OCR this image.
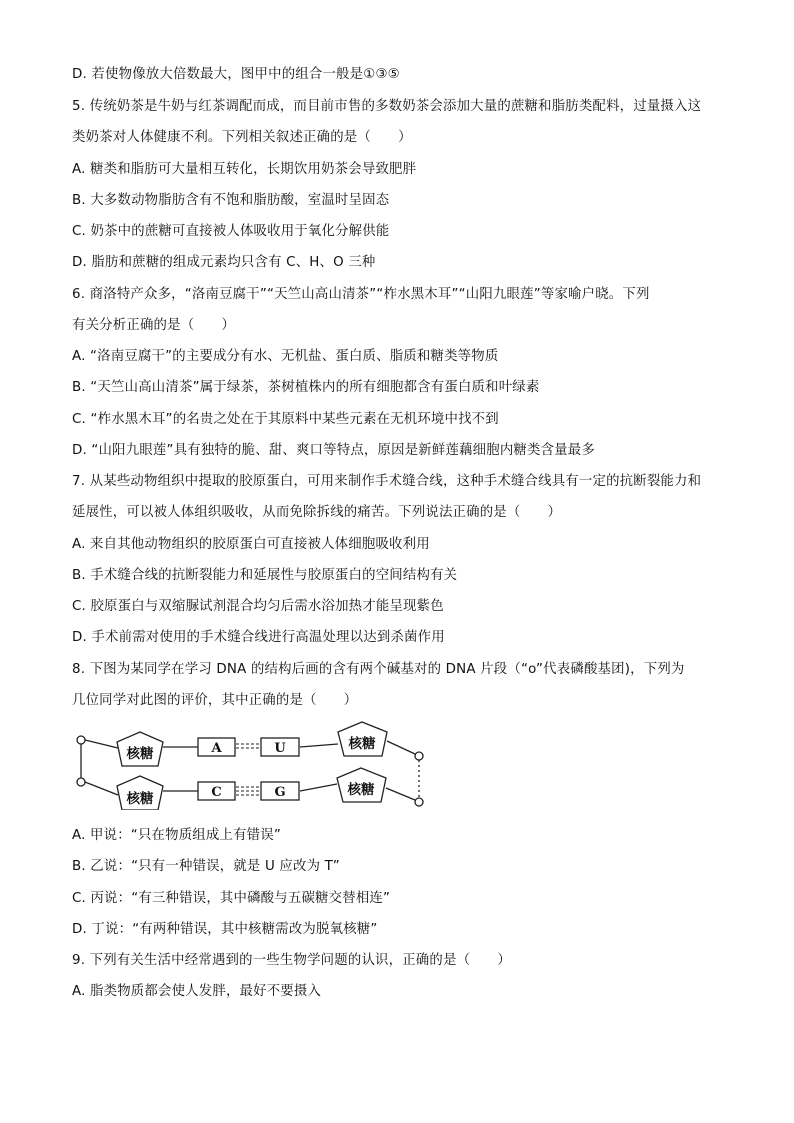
D. 若使物像放大倍数最大，图甲中的组合一般是①③⑤
5. 传统奶茶是牛奶与红茶调配而成，而目前市售的多数奶茶会添加大量的蔗糖和脂肪类配料，过量摄入这
类奶茶对人体健康不利。下列相关叙述正确的是（　　）
A. 糖类和脂肪可大量相互转化，长期饮用奶茶会导致肥胖
B. 大多数动物脂肪含有不饱和脂肪酸，室温时呈固态
C. 奶茶中的蔗糖可直接被人体吸收用于氧化分解供能
D. 脂肪和蔗糖的组成元素均只含有 C、H、O 三种
6. 商洛特产众多，“洛南豆腐干”“天竺山高山清茶”“柞水黑木耳”“山阳九眼莲”等家喻户晓。下列
有关分析正确的是（　　）
A. “洛南豆腐干”的主要成分有水、无机盐、蛋白质、脂质和糖类等物质
B. “天竺山高山清茶”属于绿茶，茶树植株内的所有细胞都含有蛋白质和叶绿素
C. “柞水黑木耳”的名贵之处在于其原料中某些元素在无机环境中找不到
D. “山阳九眼莲”具有独特的脆、甜、爽口等特点，原因是新鲜莲藕细胞内糖类含量最多
7. 从某些动物组织中提取的胶原蛋白，可用来制作手术缝合线，这种手术缝合线具有一定的抗断裂能力和
延展性，可以被人体组织吸收，从而免除拆线的痛苦。下列说法正确的是（　　）
A. 来自其他动物组织的胶原蛋白可直接被人体细胞吸收利用
B. 手术缝合线的抗断裂能力和延展性与胶原蛋白的空间结构有关
C. 胶原蛋白与双缩脲试剂混合均匀后需水浴加热才能呈现紫色
D. 手术前需对使用的手术缝合线进行高温处理以达到杀菌作用
8. 下图为某同学在学习 DNA 的结构后画的含有两个碱基对的 DNA 片段（“o”代表磷酸基团)，下列为
几位同学对此图的评价，其中正确的是（　　）
核糖
核糖
核糖
核糖
A	U
C	G
A. 甲说：“只在物质组成上有错误”
B. 乙说：“只有一种错误，就是 U 应改为 T”
C. 丙说：“有三种错误，其中磷酸与五碳糖交替相连”
D. 丁说：“有两种错误，其中核糖需改为脱氧核糖”
9. 下列有关生活中经常遇到的一些生物学问题的认识，正确的是（　　）
A. 脂类物质都会使人发胖，最好不要摄入
